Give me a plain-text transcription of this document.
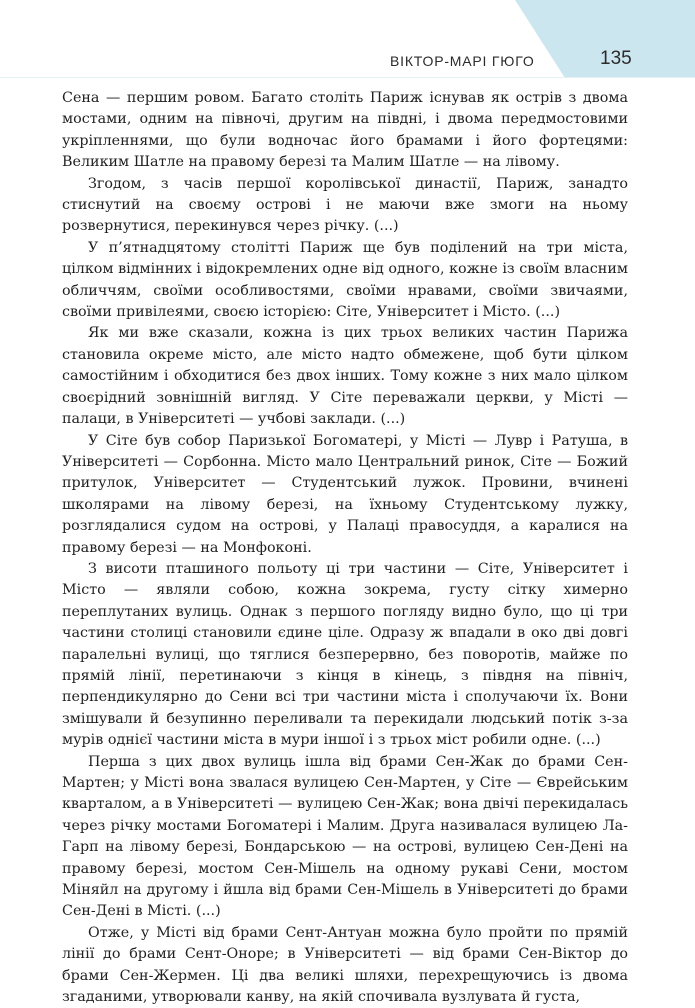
ВІКТОР-МАРІ ГЮГО	135

Сена — першим ровом. Багато століть Париж існував як острів з двома мостами, одним на півночі, другим на півдні, і двома передмостовими укріпленнями, що були водночас його брамами і його фортецями: Великим Шатле на правому березі та Малим Шатле — на лівому.

Згодом, з часів першої королівської династії, Париж, занадто стиснутий на своєму острові і не маючи вже змоги на ньому розвернутися, перекинувся через річку. (...)

У п’ятнадцятому столітті Париж ще був поділений на три міста, цілком відмінних і відокремлених одне від одного, кожне із своїм власним обличчям, своїми особливостями, своїми нравами, своїми звичаями, своїми привілеями, своєю історією: Сіте, Університет і Місто. (...)

Як ми вже сказали, кожна із цих трьох великих частин Парижа становила окреме місто, але місто надто обмежене, щоб бути цілком самостійним і обходитися без двох інших. Тому кожне з них мало цілком своєрідний зовнішній вигляд. У Сіте переважали церкви, у Місті — палаци, в Університеті — учбові заклади. (...)

У Сіте був собор Паризької Богоматері, у Місті — Лувр і Ратуша, в Університеті — Сорбонна. Місто мало Центральний ринок, Сіте — Божий притулок, Університет — Студентський лужок. Провини, вчинені школярами на лівому березі, на їхньому Студентському лужку, розглядалися судом на острові, у Палаці правосуддя, а каралися на правому березі — на Монфоконі.

З висоти пташиного польоту ці три частини — Сіте, Університет і Місто — являли собою, кожна зокрема, густу сітку химерно переплутаних вулиць. Однак з першого погляду видно було, що ці три частини столиці становили єдине ціле. Одразу ж впадали в око дві довгі паралельні вулиці, що тяглися безперервно, без поворотів, майже по прямій лінії, перетинаючи з кінця в кінець, з півдня на північ, перпендикулярно до Сени всі три частини міста і сполучаючи їх. Вони змішували й безупинно переливали та перекидали людський потік з-за мурів однієї частини міста в мури іншої і з трьох міст робили одне. (...)

Перша з цих двох вулиць ішла від брами Сен-Жак до брами Сен-Мартен; у Місті вона звалася вулицею Сен-Мартен, у Сіте — Єврейським кварталом, а в Університеті — вулицею Сен-Жак; вона двічі перекидалась через річку мостами Богоматері і Малим. Друга називалася вулицею Ла-Гарп на лівому березі, Бондарською — на острові, вулицею Сен-Дені на правому березі, мостом Сен-Мішель на одному рукаві Сени, мостом Міняйл на другому і йшла від брами Сен-Мішель в Університеті до брами Сен-Дені в Місті. (...)

Отже, у Місті від брами Сент-Антуан можна було пройти по прямій лінії до брами Сент-Оноре; в Університеті — від брами Сен-Віктор до брами Сен-Жермен. Ці два великі шляхи, перехрещуючись із двома згаданими, утворювали канву, на якій спочивала вузлувата й густа,
